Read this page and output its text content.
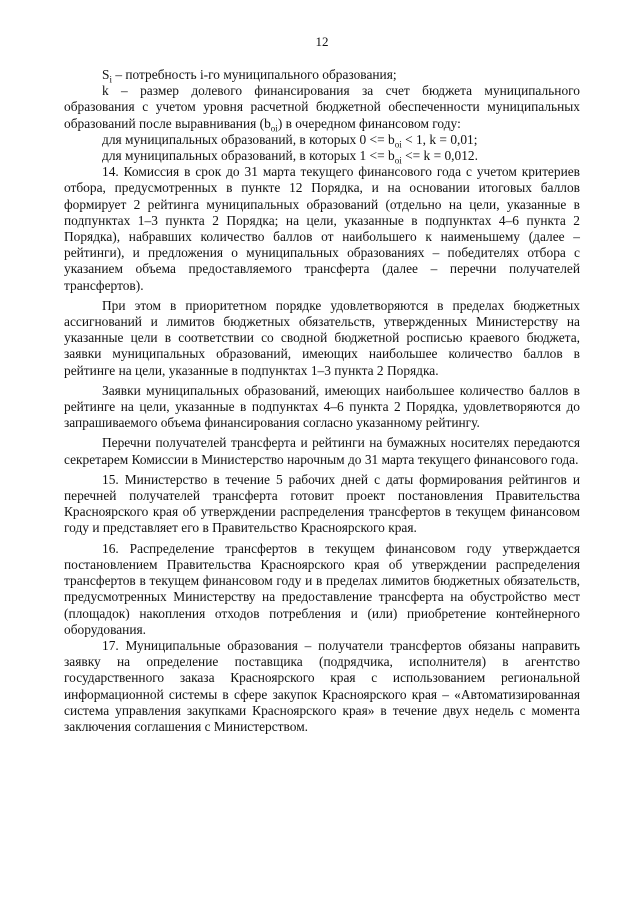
12

$S_i$ – потребность i-го муниципального образования;

k – размер долевого финансирования за счет бюджета муниципального образования с учетом уровня расчетной бюджетной обеспеченности муниципальных образований после выравнивания $(b_{oi})$ в очередном финансовом году:

для муниципальных образований, в которых $0 <= b_{oi} < 1$, k = 0,01;

для муниципальных образований, в которых $1 <= b_{oi} <= k = 0,012$.

14. Комиссия в срок до 31 марта текущего финансового года с учетом критериев отбора, предусмотренных в пункте 12 Порядка, и на основании итоговых баллов формирует 2 рейтинга муниципальных образований (отдельно на цели, указанные в подпунктах 1–3 пункта 2 Порядка; на цели, указанные в подпунктах 4–6 пункта 2 Порядка), набравших количество баллов от наибольшего к наименьшему (далее – рейтинги), и предложения о муниципальных образованиях – победителях отбора с указанием объема предоставляемого трансферта (далее – перечни получателей трансфертов).

При этом в приоритетном порядке удовлетворяются в пределах бюджетных ассигнований и лимитов бюджетных обязательств, утвержденных Министерству на указанные цели в соответствии со сводной бюджетной росписью краевого бюджета, заявки муниципальных образований, имеющих наибольшее количество баллов в рейтинге на цели, указанные в подпунктах 1–3 пункта 2 Порядка.

Заявки муниципальных образований, имеющих наибольшее количество баллов в рейтинге на цели, указанные в подпунктах 4–6 пункта 2 Порядка, удовлетворяются до запрашиваемого объема финансирования согласно указанному рейтингу.

Перечни получателей трансферта и рейтинги на бумажных носителях передаются секретарем Комиссии в Министерство нарочным до 31 марта текущего финансового года.

15. Министерство в течение 5 рабочих дней с даты формирования рейтингов и перечней получателей трансферта готовит проект постановления Правительства Красноярского края об утверждении распределения трансфертов в текущем финансовом году и представляет его в Правительство Красноярского края.

16. Распределение трансфертов в текущем финансовом году утверждается постановлением Правительства Красноярского края об утверждении распределения трансфертов в текущем финансовом году и в пределах лимитов бюджетных обязательств, предусмотренных Министерству на предоставление трансферта на обустройство мест (площадок) накопления отходов потребления и (или) приобретение контейнерного оборудования.

17. Муниципальные образования – получатели трансфертов обязаны направить заявку на определение поставщика (подрядчика, исполнителя) в агентство государственного заказа Красноярского края с использованием региональной информационной системы в сфере закупок Красноярского края – «Автоматизированная система управления закупками Красноярского края» в течение двух недель с момента заключения соглашения с Министерством.
